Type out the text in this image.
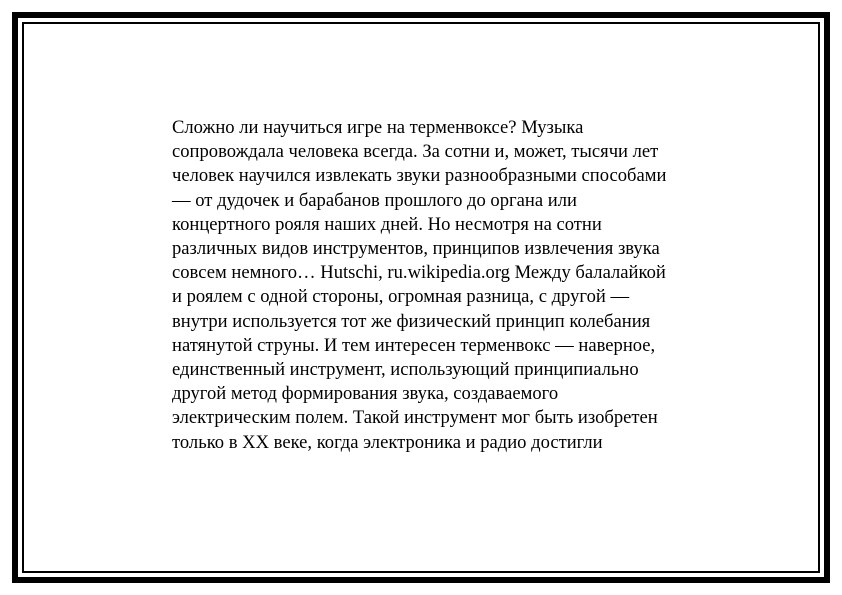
Сложно ли научиться игре на терменвоксе? Музыка
сопровождала человека всегда. За сотни и, может, тысячи лет
человек научился извлекать звуки разнообразными способами
— от дудочек и барабанов прошлого до органа или
концертного рояля наших дней. Но несмотря на сотни
различных видов инструментов, принципов извлечения звука
совсем немного… Hutschi, ru.wikipedia.org Между балалайкой
и роялем с одной стороны, огромная разница, с другой —
внутри используется тот же физический принцип колебания
натянутой струны. И тем интересен терменвокс — наверное,
единственный инструмент, использующий принципиально
другой метод формирования звука, создаваемого
электрическим полем. Такой инструмент мог быть изобретен
только в XX веке, когда электроника и радио достигли
